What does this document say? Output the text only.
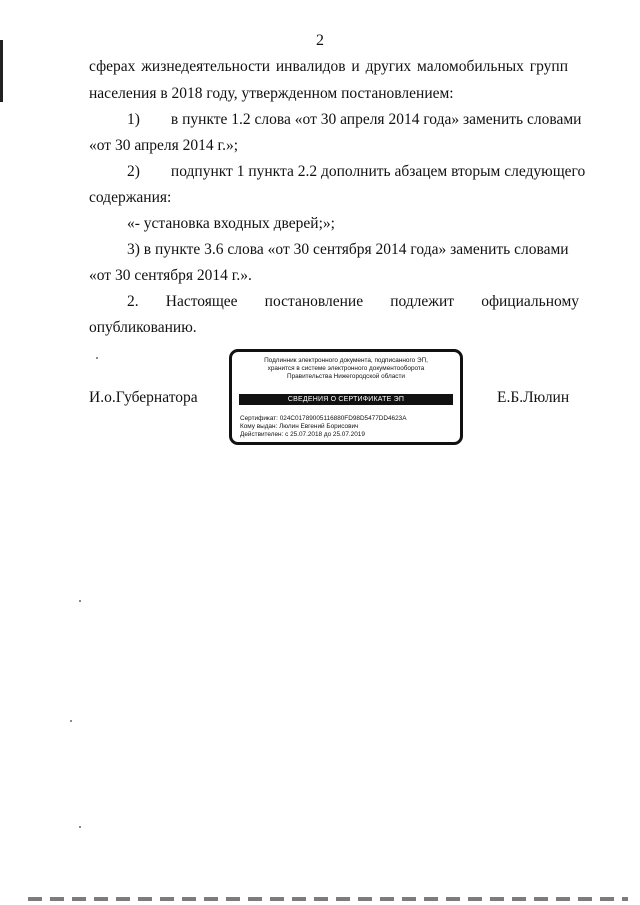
2
сферах жизнедеятельности инвалидов и других маломобильных групп
населения в 2018 году, утвержденном постановлением:
1)        в пункте 1.2 слова «от 30 апреля 2014 года» заменить словами
«от 30 апреля 2014 г.»;
2)        подпункт 1 пункта 2.2 дополнить абзацем вторым следующего
содержания:
«- установка входных дверей;»;
3) в пункте 3.6 слова «от 30 сентября 2014 года» заменить словами
«от 30 сентября 2014 г.».
2.       Настоящее       постановление       подлежит       официальному
опубликованию.
И.о.Губернатора	Е.Б.Люлин
Подлинник электронного документа, подписанного ЭП,
хранится в системе электронного документооборота
Правительства Нижегородской области
СВЕДЕНИЯ О СЕРТИФИКАТЕ ЭП
Сертификат: 024C01789005116880FD98D5477DD4623A
Кому выдан: Люлин Евгений Борисович
Действителен: с 25.07.2018 до 25.07.2019
